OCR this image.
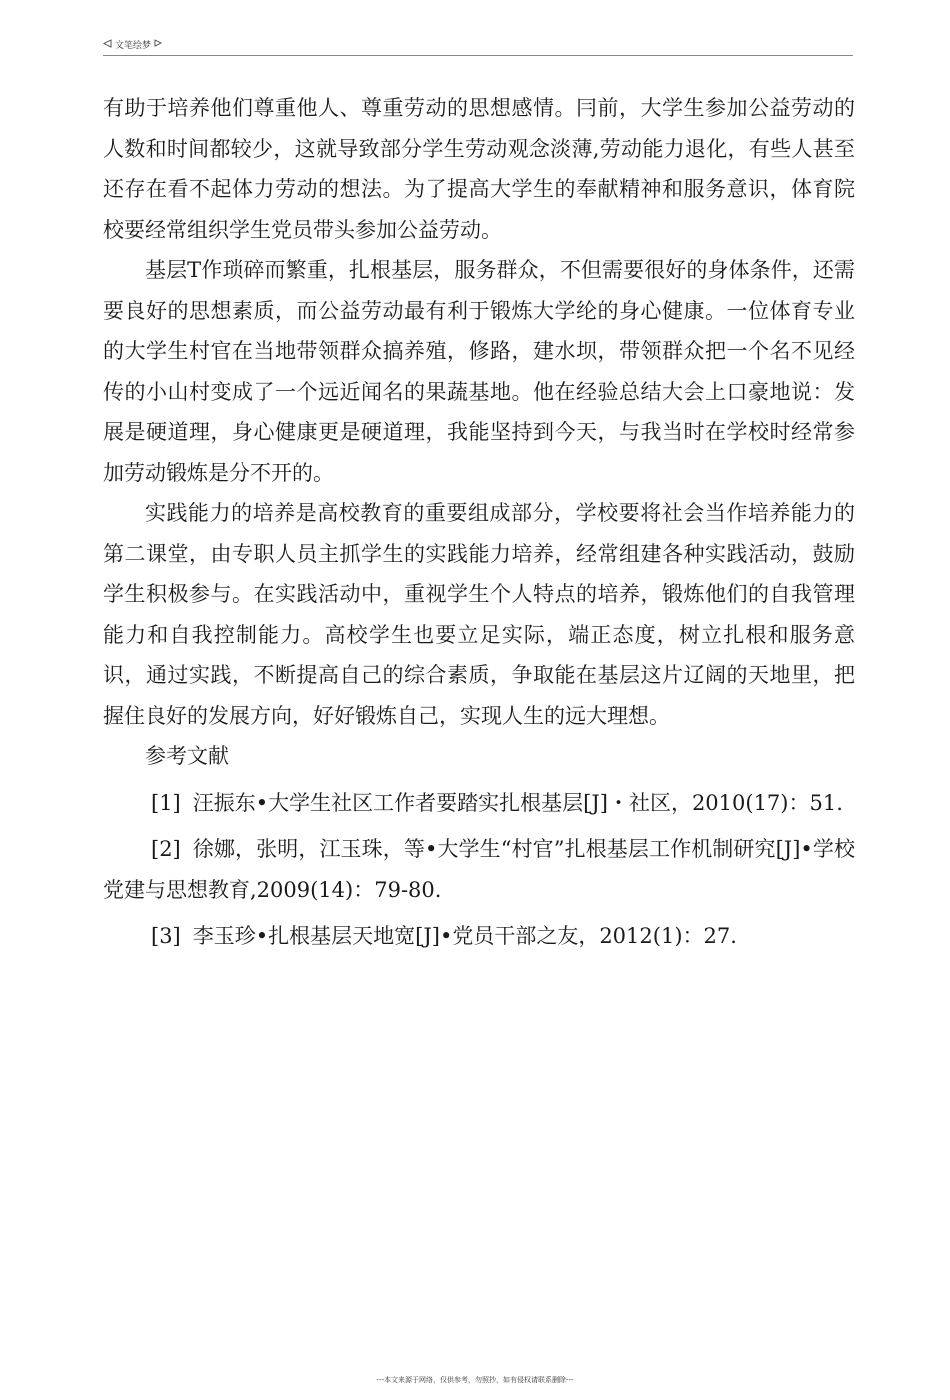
文笔绘梦

有助于培养他们尊重他人、尊重劳动的思想感情。冃前，大学生参加公益劳动的人数和时间都较少，这就导致部分学生劳动观念淡薄,劳动能力退化，有些人甚至还存在看不起体力劳动的想法。为了提高大学生的奉献精神和服务意识，体育院校要经常组织学生党员带头参加公益劳动。

基层T作琐碎而繁重，扎根基层，服务群众，不但需要很好的身体条件，还需要良好的思想素质，而公益劳动最有利于锻炼大学纶的身心健康。一位体育专业的大学生村官在当地带领群众搞养殖，修路，建水坝，带领群众把一个名不见经传的小山村变成了一个远近闻名的果蔬基地。他在经验总结大会上口豪地说：发展是硬道理，身心健康更是硬道理，我能坚持到今天，与我当时在学校时经常参加劳动锻炼是分不开的。

实践能力的培养是高校教育的重要组成部分，学校要将社会当作培养能力的第二课堂，由专职人员主抓学生的实践能力培养，经常组建各种实践活动，鼓励学生积极参与。在实践活动中，重视学生个人特点的培养，锻炼他们的自我管理能力和自我控制能力。高校学生也要立足实际，端正态度，树立扎根和服务意识，通过实践，不断提高自己的综合素质，争取能在基层这片辽阔的天地里，把握住良好的发展方向，好好锻炼自己，实现人生的远大理想。

参考文献

[1] 汪振东•大学生社区工作者要踏实扎根基层[J]・社区，2010(17)：51.

[2] 徐娜，张明，江玉珠，等•大学生“村官”扎根基层工作机制研究[J]•学校党建与思想教育,2009(14)：79-80.

[3] 李玉珍•扎根基层天地宽[J]•党员干部之友，2012(1)：27.

---本文来源于网络，仅供参考，勿照抄，如有侵权请联系删除---
